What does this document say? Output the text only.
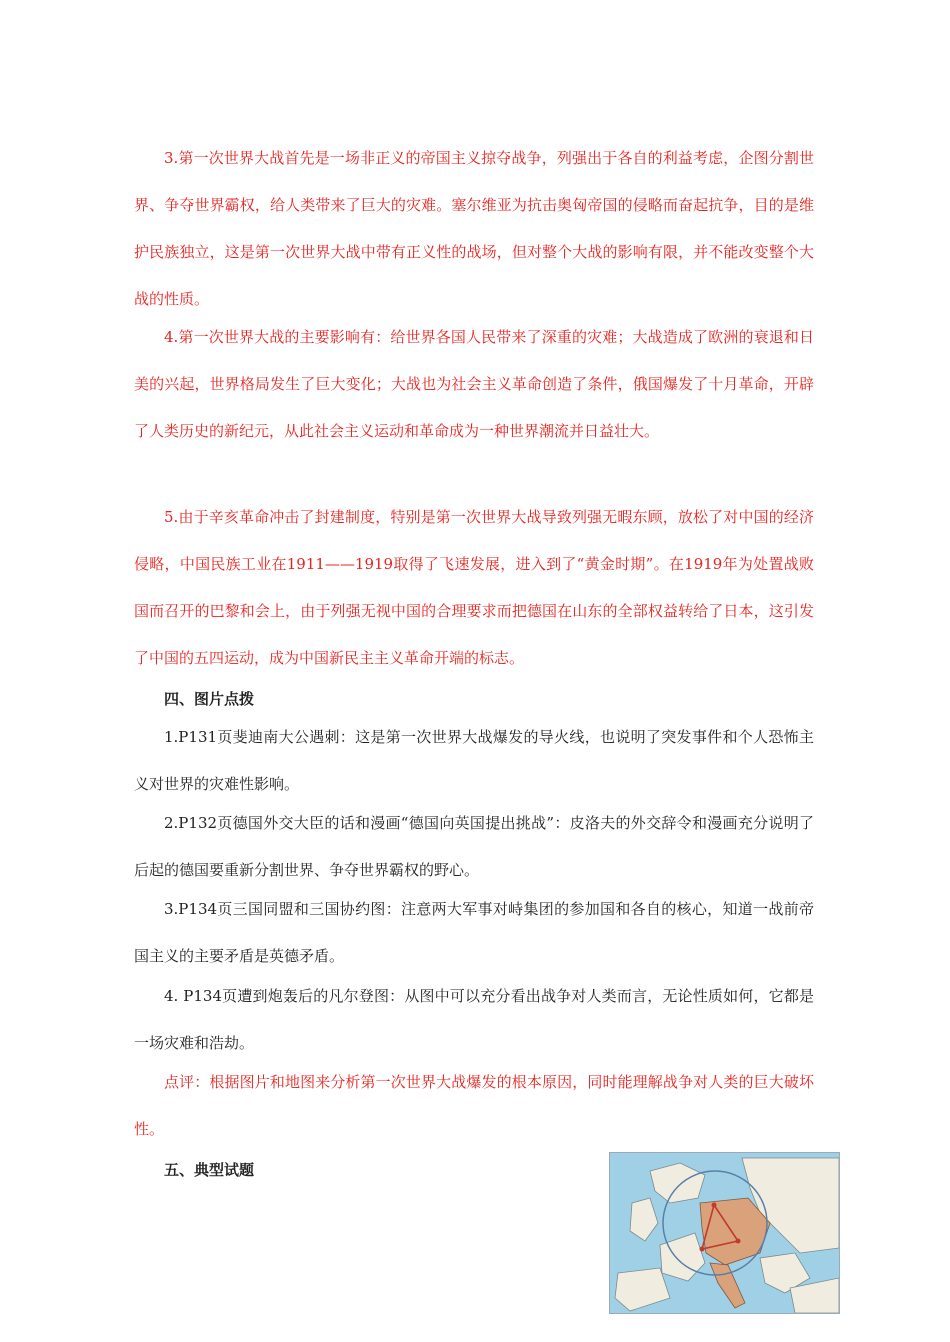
3.第一次世界大战首先是一场非正义的帝国主义掠夺战争，列强出于各自的利益考虑，企图分割世界、争夺世界霸权，给人类带来了巨大的灾难。塞尔维亚为抗击奥匈帝国的侵略而奋起抗争，目的是维护民族独立，这是第一次世界大战中带有正义性的战场，但对整个大战的影响有限，并不能改变整个大战的性质。

4.第一次世界大战的主要影响有：给世界各国人民带来了深重的灾难；大战造成了欧洲的衰退和日美的兴起，世界格局发生了巨大变化；大战也为社会主义革命创造了条件，俄国爆发了十月革命，开辟了人类历史的新纪元，从此社会主义运动和革命成为一种世界潮流并日益壮大。

5.由于辛亥革命冲击了封建制度，特别是第一次世界大战导致列强无暇东顾，放松了对中国的经济侵略，中国民族工业在1911——1919取得了飞速发展，进入到了“黄金时期”。在1919年为处置战败国而召开的巴黎和会上，由于列强无视中国的合理要求而把德国在山东的全部权益转给了日本，这引发了中国的五四运动，成为中国新民主主义革命开端的标志。

四、图片点拨

1.P131页斐迪南大公遇刺：这是第一次世界大战爆发的导火线，也说明了突发事件和个人恐怖主义对世界的灾难性影响。

2.P132页德国外交大臣的话和漫画“德国向英国提出挑战”：皮洛夫的外交辞令和漫画充分说明了后起的德国要重新分割世界、争夺世界霸权的野心。

3.P134页三国同盟和三国协约图：注意两大军事对峙集团的参加国和各自的核心，知道一战前帝国主义的主要矛盾是英德矛盾。

4. P134页遭到炮轰后的凡尔登图：从图中可以充分看出战争对人类而言，无论性质如何，它都是一场灾难和浩劫。

点评：根据图片和地图来分析第一次世界大战爆发的根本原因，同时能理解战争对人类的巨大破坏性。

五、典型试题
